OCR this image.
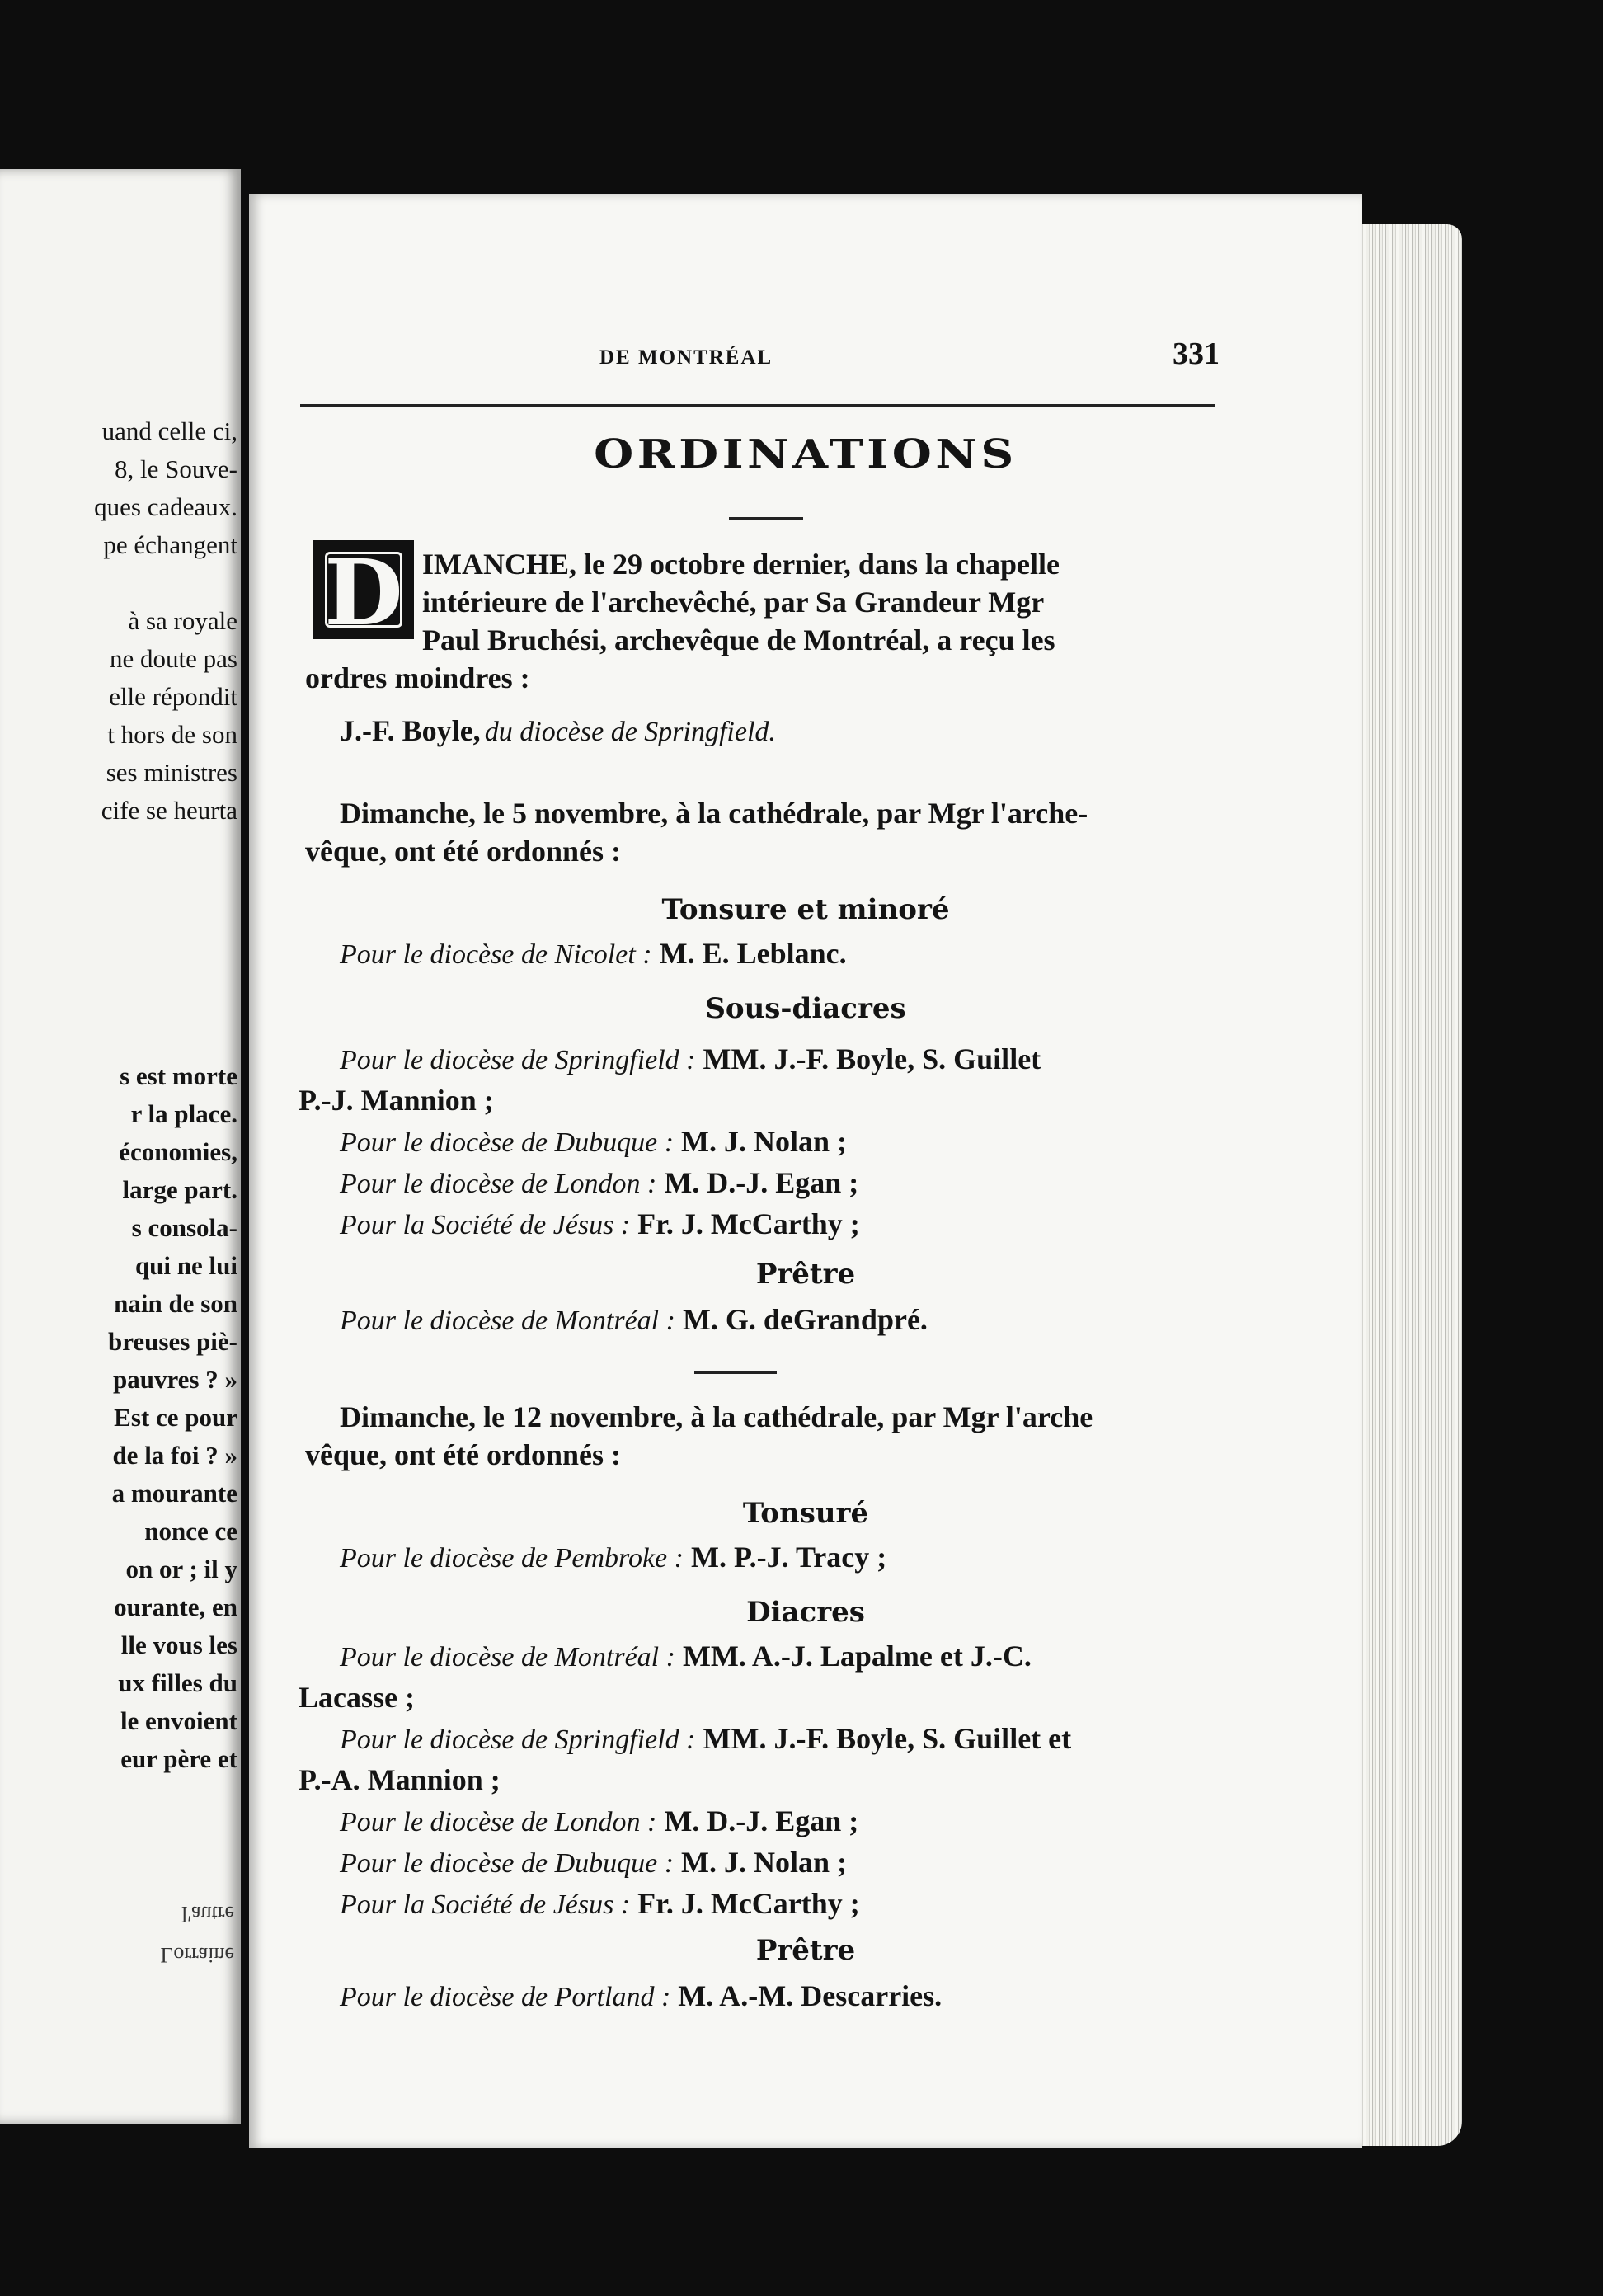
uand celle ci,
8, le Souve-
ques cadeaux.
pe échangent
à sa royale
ne doute pas
elle répondit
t hors de son
ses ministres
cife se heurta
s est morte
r la place.
économies,
large part.
s consola-
qui ne lui
nain de son
breuses piè-
pauvres ? »
Est ce pour
de la foi ? »
a mourante
nonce ce
on or ; il y
ourante, en
lle vous les
ux filles du
le envoient
eur père et
l'autre
Lorraine
DE MONTRÉAL	331
ORDINATIONS
D IMANCHE, le 29 octobre dernier, dans la chapelle
intérieure de l'archevêché, par Sa Grandeur Mgr
Paul Bruchési, archevêque de Montréal, a reçu les
ordres moindres :
J.-F. Boyle, du diocèse de Springfield.
Dimanche, le 5 novembre, à la cathédrale, par Mgr l'arche-
vêque, ont été ordonnés :
Tonsure et minoré
Pour le diocèse de Nicolet : M. E. Leblanc.
Sous-diacres
Pour le diocèse de Springfield : MM. J.-F. Boyle, S. Guillet
P.-J. Mannion ;
Pour le diocèse de Dubuque : M. J. Nolan ;
Pour le diocèse de London : M. D.-J. Egan ;
Pour la Société de Jésus : Fr. J. McCarthy ;
Prêtre
Pour le diocèse de Montréal : M. G. deGrandpré.
Dimanche, le 12 novembre, à la cathédrale, par Mgr l'arche
vêque, ont été ordonnés :
Tonsuré
Pour le diocèse de Pembroke : M. P.-J. Tracy ;
Diacres
Pour le diocèse de Montréal : MM. A.-J. Lapalme et J.-C.
Lacasse ;
Pour le diocèse de Springfield : MM. J.-F. Boyle, S. Guillet et
P.-A. Mannion ;
Pour le diocèse de London : M. D.-J. Egan ;
Pour le diocèse de Dubuque : M. J. Nolan ;
Pour la Société de Jésus : Fr. J. McCarthy ;
Prêtre
Pour le diocèse de Portland : M. A.-M. Descarries.
